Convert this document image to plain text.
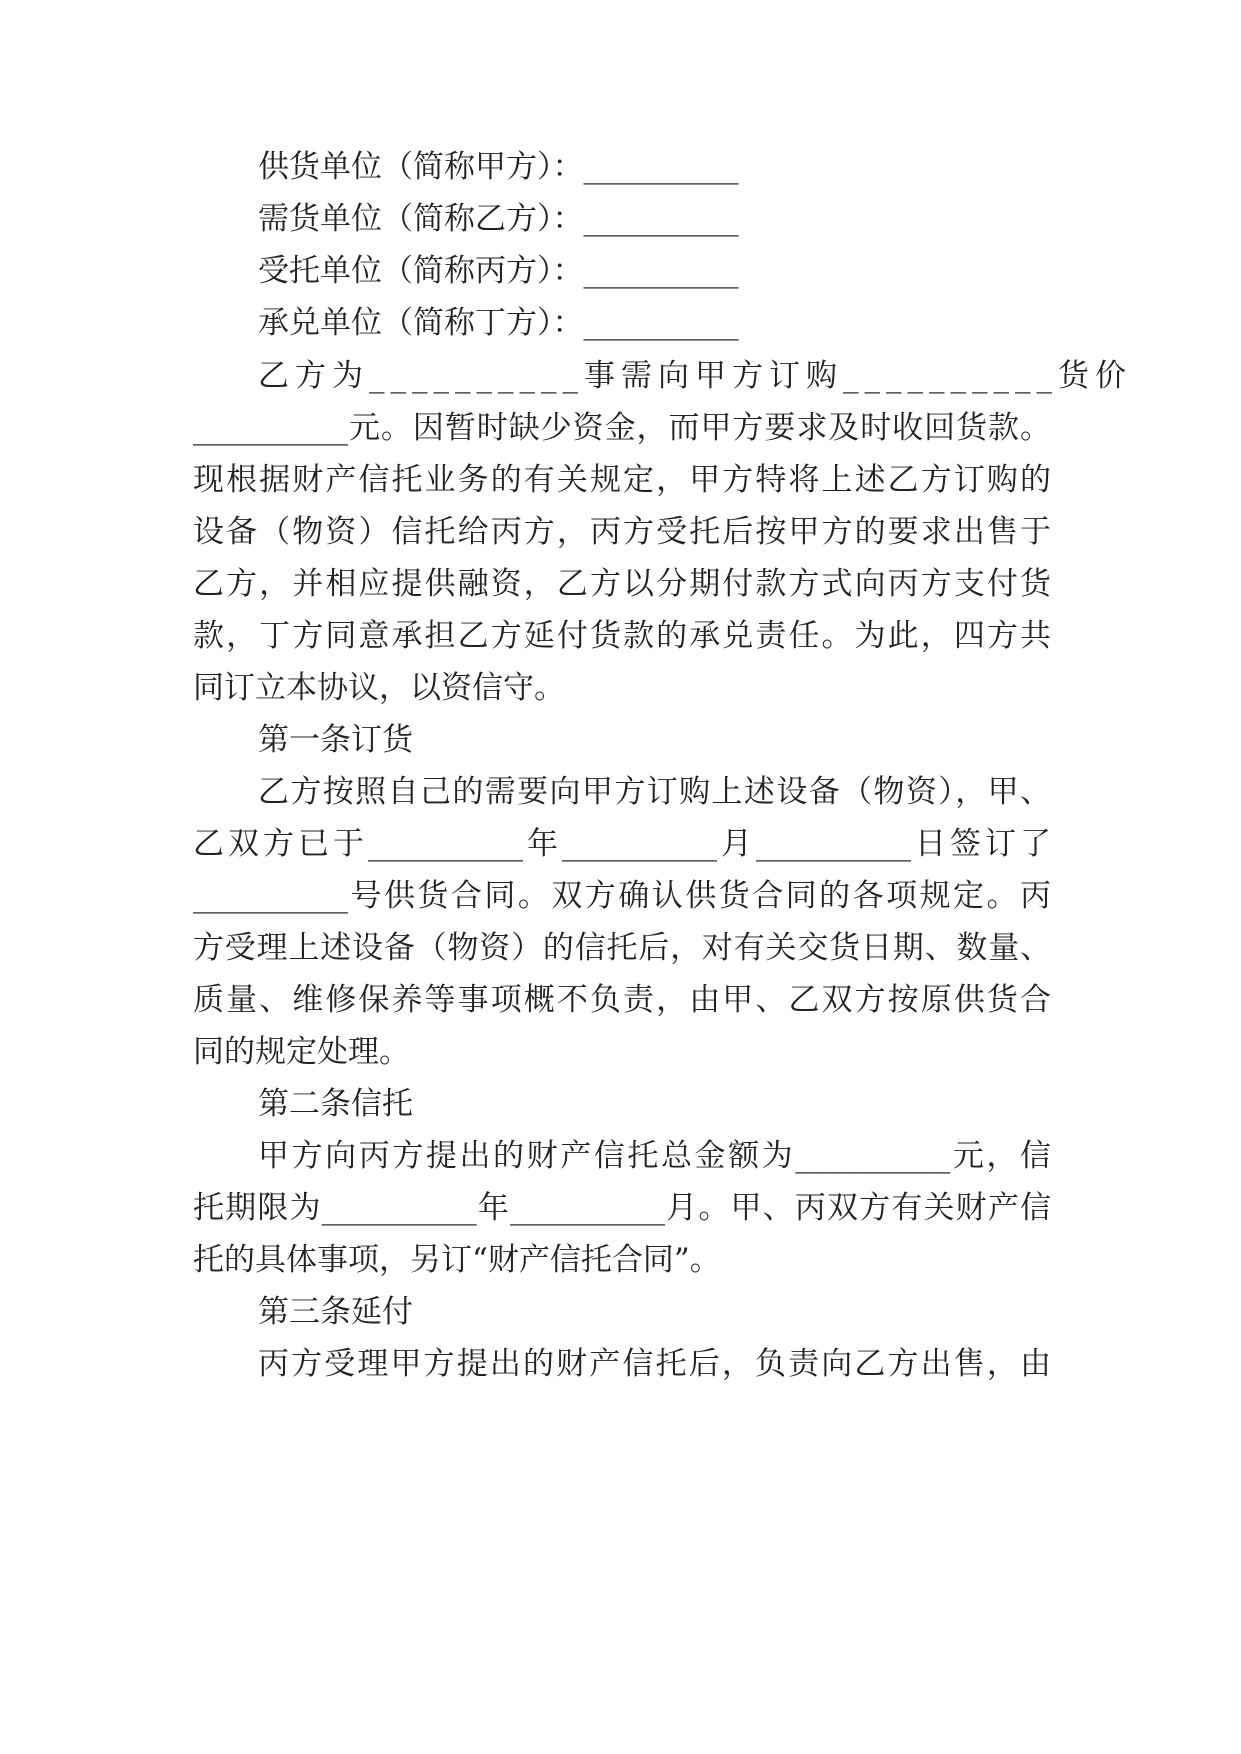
供货单位（简称甲方）：__________
需货单位（简称乙方）：__________
受托单位（简称丙方）：__________
承兑单位（简称丁方）：__________
乙方为__________事需向甲方订购__________货价
__________元。因暂时缺少资金，而甲方要求及时收回货款。
现根据财产信托业务的有关规定，甲方特将上述乙方订购的
设备（物资）信托给丙方，丙方受托后按甲方的要求出售于
乙方，并相应提供融资，乙方以分期付款方式向丙方支付货
款，丁方同意承担乙方延付货款的承兑责任。为此，四方共
同订立本协议，以资信守。
第一条订货
乙方按照自己的需要向甲方订购上述设备（物资），甲、
乙双方已于__________年__________月__________日签订了
__________号供货合同。双方确认供货合同的各项规定。丙
方受理上述设备（物资）的信托后，对有关交货日期、数量、
质量、维修保养等事项概不负责，由甲、乙双方按原供货合
同的规定处理。
第二条信托
甲方向丙方提出的财产信托总金额为__________元，信
托期限为__________年__________月。甲、丙双方有关财产信
托的具体事项，另订“财产信托合同”。
第三条延付
丙方受理甲方提出的财产信托后，负责向乙方出售，由
